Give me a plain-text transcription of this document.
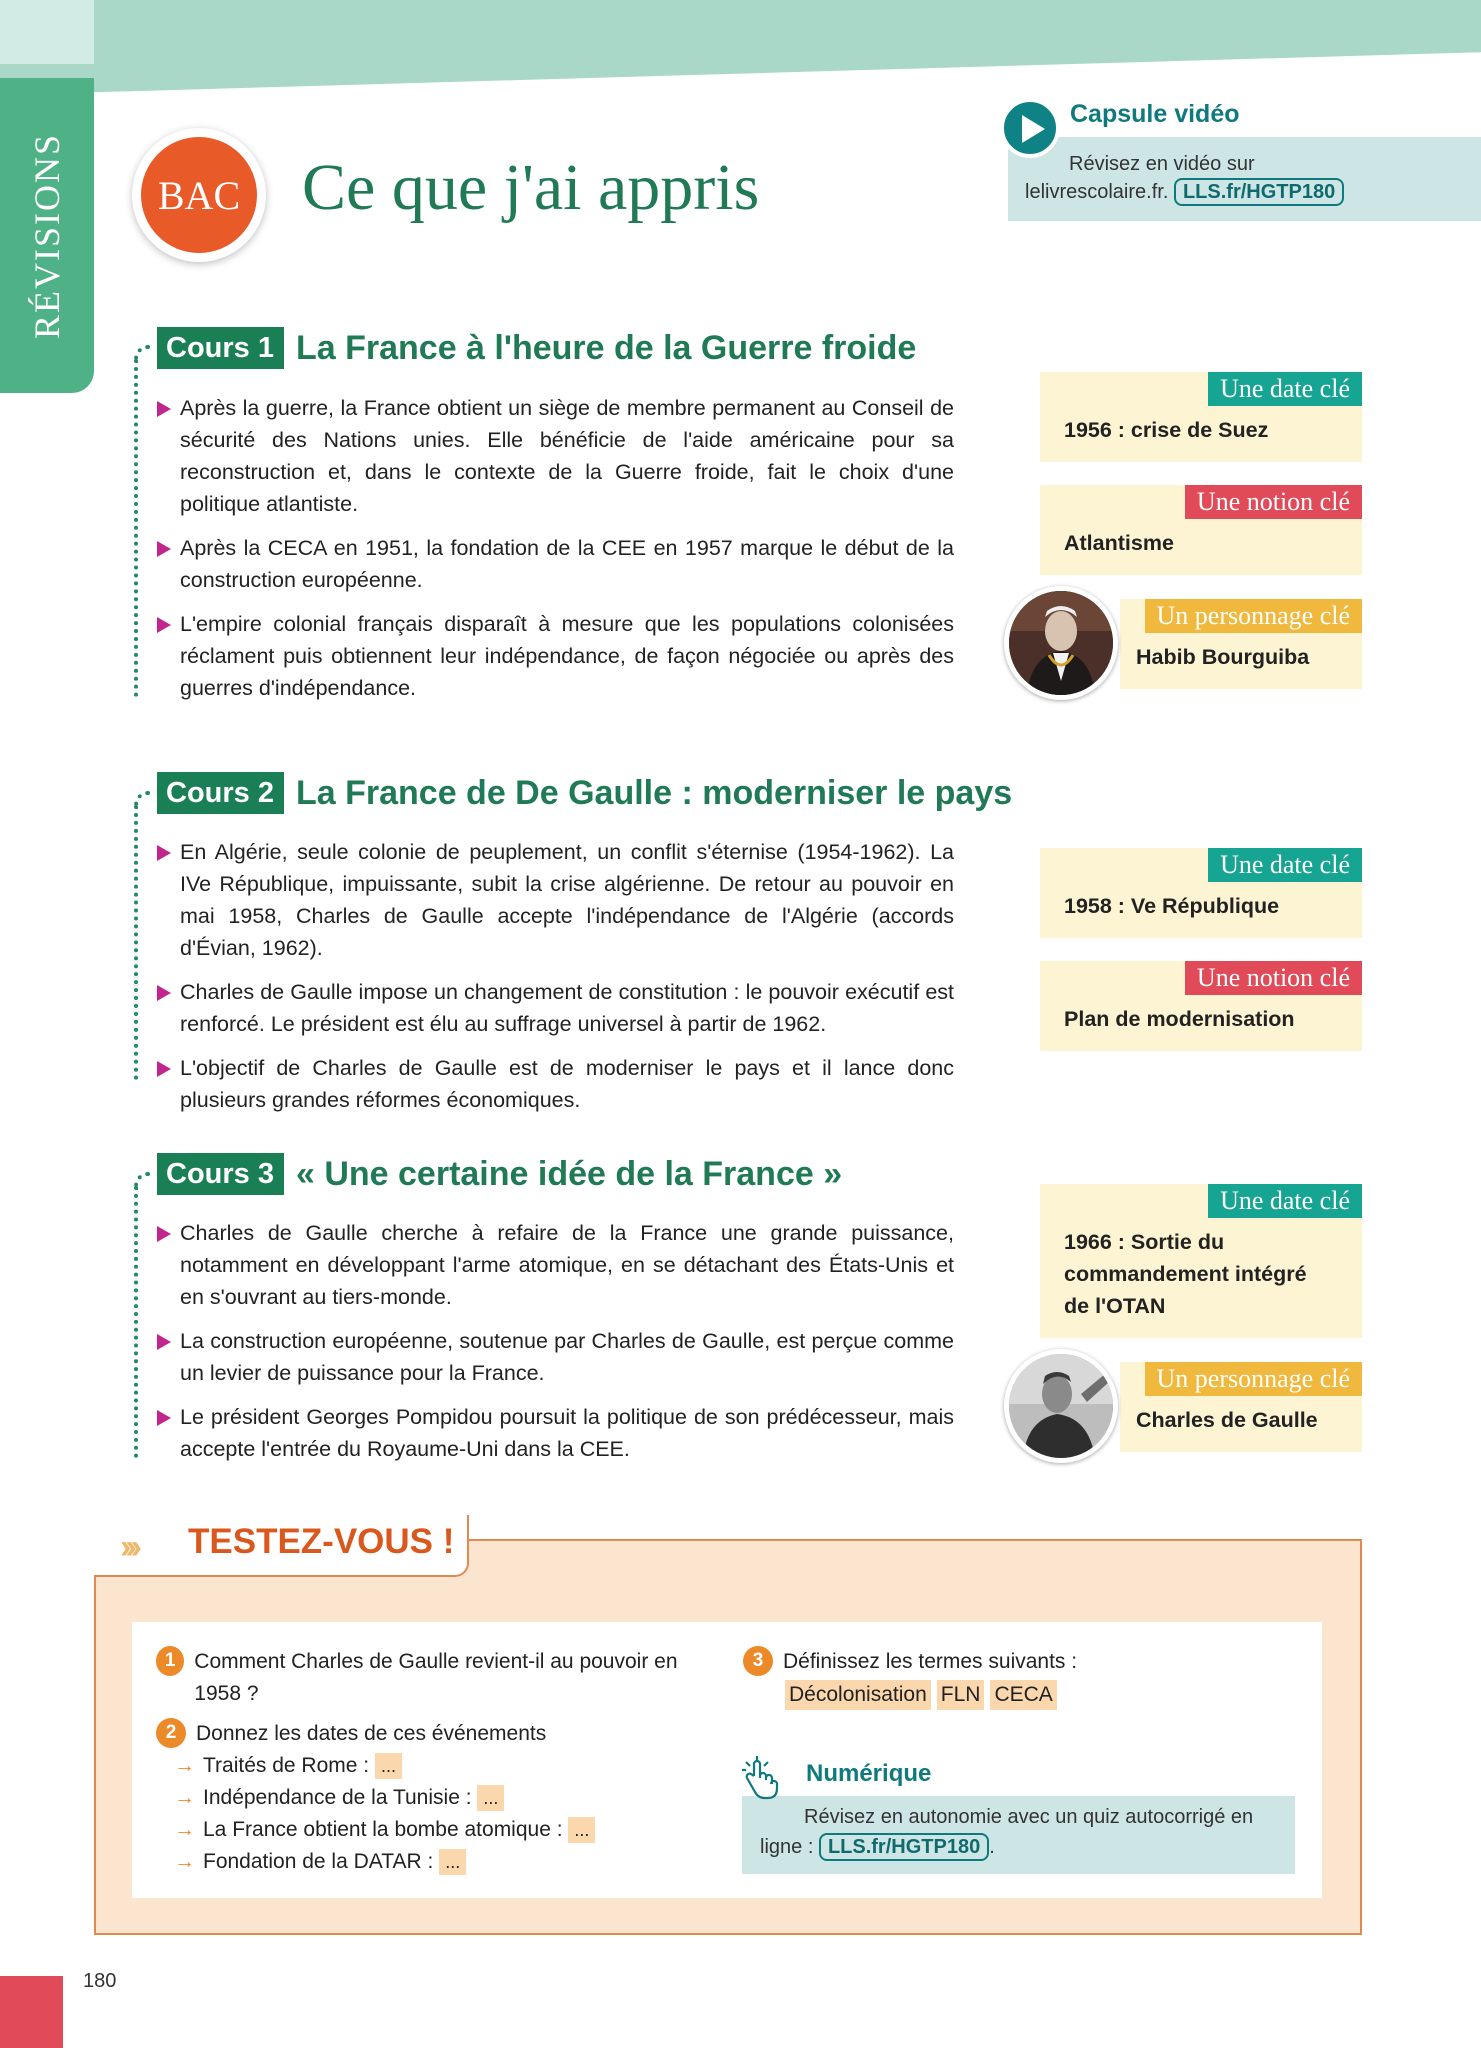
RÉVISIONS	BAC Ce que j'ai appris
Capsule vidéo
Révisez en vidéo sur
lelivrescolaire.fr. LLS.fr/HGTP180
Cours 1 La France à l'heure de la Guerre froide
Après la guerre, la France obtient un siège de membre permanent au Conseil de sécurité des Nations unies. Elle bénéficie de l'aide américaine pour sa reconstruction et, dans le contexte de la Guerre froide, fait le choix d'une politique atlantiste.
Après la CECA en 1951, la fondation de la CEE en 1957 marque le début de la construction européenne.
L'empire colonial français disparaît à mesure que les populations colonisées réclament puis obtiennent leur indépendance, de façon négociée ou après des guerres d'indépendance.
Une date clé
1956 : crise de Suez
Une notion clé
Atlantisme
Un personnage clé
Habib Bourguiba
Cours 2 La France de De Gaulle : moderniser le pays
En Algérie, seule colonie de peuplement, un conflit s'éternise (1954-1962). La IVe République, impuissante, subit la crise algérienne. De retour au pouvoir en mai 1958, Charles de Gaulle accepte l'indépendance de l'Algérie (accords d'Évian, 1962).
Charles de Gaulle impose un changement de constitution : le pouvoir exécutif est renforcé. Le président est élu au suffrage universel à partir de 1962.
L'objectif de Charles de Gaulle est de moderniser le pays et il lance donc plusieurs grandes réformes économiques.
Une date clé
1958 : Ve République
Une notion clé
Plan de modernisation
Cours 3 « Une certaine idée de la France »
Charles de Gaulle cherche à refaire de la France une grande puissance, notamment en développant l'arme atomique, en se détachant des États-Unis et en s'ouvrant au tiers-monde.
La construction européenne, soutenue par Charles de Gaulle, est perçue comme un levier de puissance pour la France.
Le président Georges Pompidou poursuit la politique de son prédécesseur, mais accepte l'entrée du Royaume-Uni dans la CEE.
Une date clé
1966 : Sortie du commandement intégré de l'OTAN
Un personnage clé
Charles de Gaulle
››› TESTEZ-VOUS !
1 Comment Charles de Gaulle revient-il au pouvoir en 1958 ?
2 Donnez les dates de ces événements
→ Traités de Rome : ...
→ Indépendance de la Tunisie : ...
→ La France obtient la bombe atomique : ...
→ Fondation de la DATAR : ...
3 Définissez les termes suivants :
Décolonisation FLN CECA
Numérique
Révisez en autonomie avec un quiz autocorrigé en
ligne : LLS.fr/HGTP180 .
180
